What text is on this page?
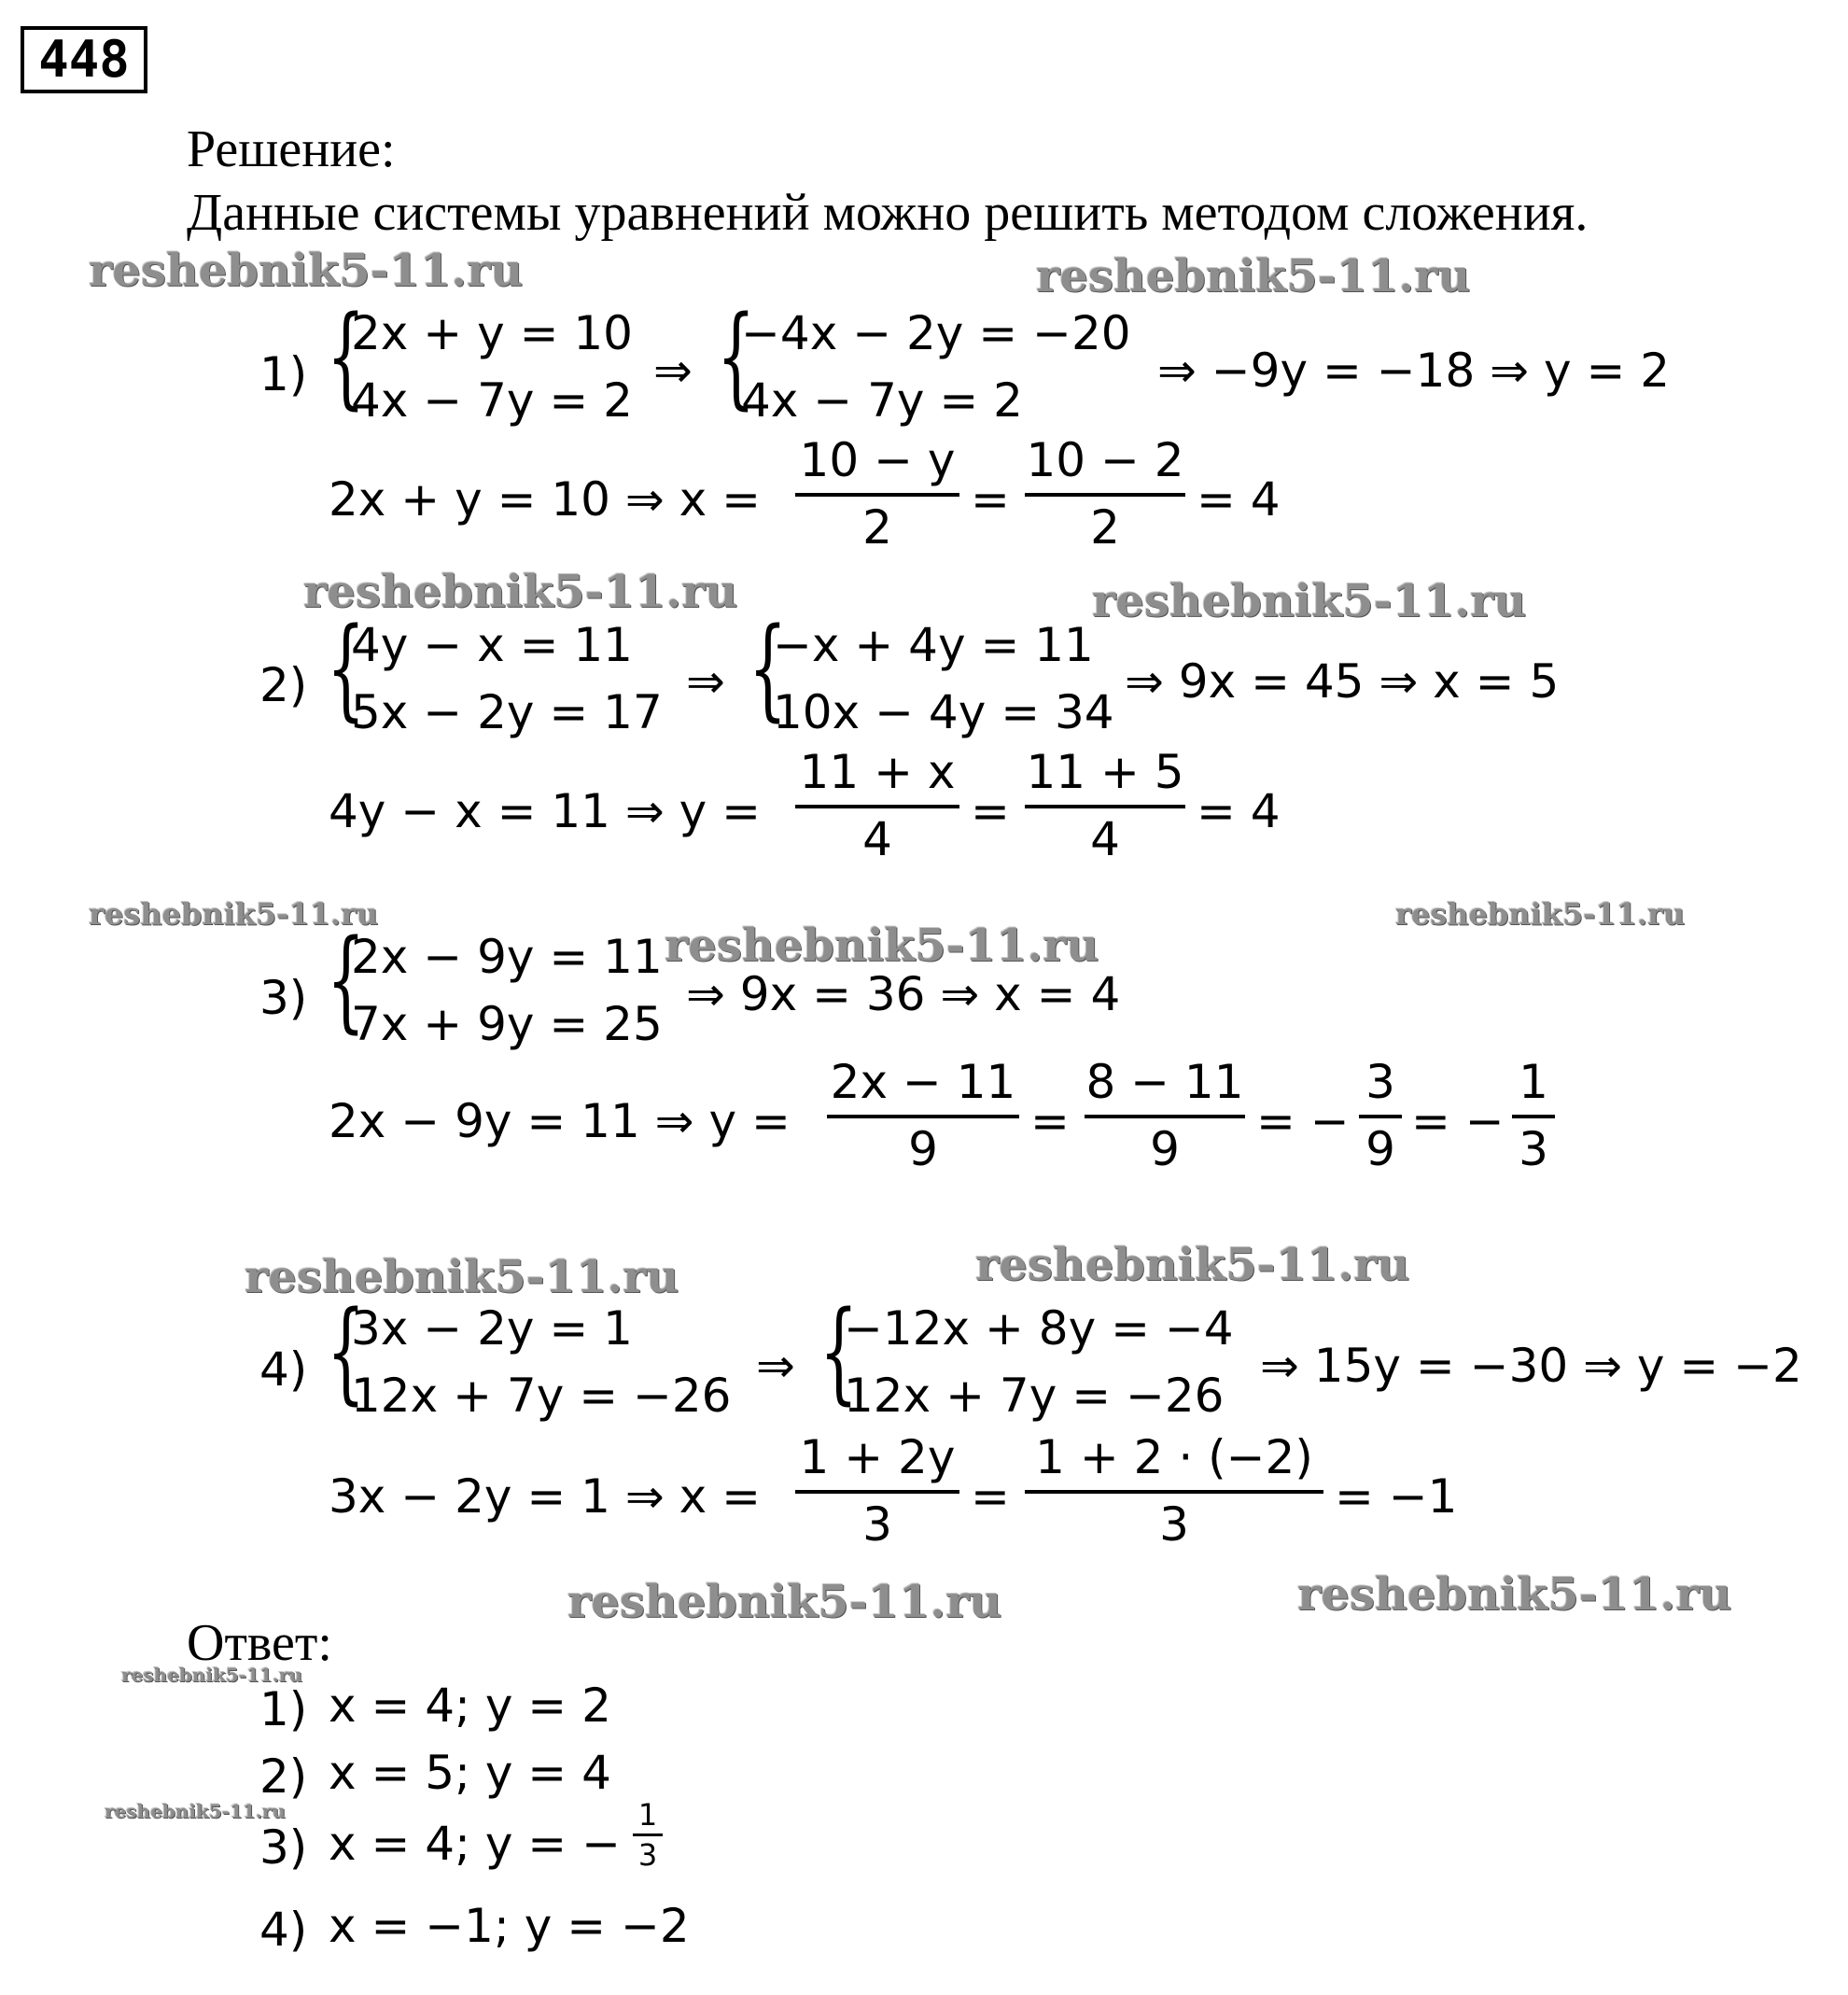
448
Решение:
Данные системы уравнений можно решить методом сложения.
reshebnik5-11.ru	reshebnik5-11.ru
reshebnik5-11.ru	reshebnik5-11.ru
reshebnik5-11.ru	reshebnik5-11.ru
reshebnik5-11.ru	reshebnik5-11.ru
reshebnik5-11.ru	reshebnik5-11.ru
reshebnik5-11.ru
reshebnik5-11.ru
1) {
2x + y = 10
4x − 7y = 2
⇒ {
−4x − 2y = −20
4x − 7y = 2
⇒ −9y = −18 ⇒ y = 2
2x + y = 10 ⇒ x =
10 − y
2
=
10 − 2
2
= 4
2) {
4y − x = 11
5x − 2y = 17
⇒ {
−x + 4y = 11
10x − 4y = 34
⇒ 9x = 45 ⇒ x = 5
4y − x = 11 ⇒ y =
11 + x
4
=
11 + 5
4
= 4
3) {
2x − 9y = 11
7x + 9y = 25
reshebnik5-11.ru
⇒ 9x = 36 ⇒ x = 4
2x − 9y = 11 ⇒ y =
2x − 11
9
=
8 − 11
9
= −
3
9
= −
1
3
4) {
3x − 2y = 1
12x + 7y = −26
⇒ {
−12x + 8y = −4
12x + 7y = −26
⇒ 15y = −30 ⇒ y = −2
3x − 2y = 1 ⇒ x =
1 + 2y
3
=
1 + 2 · (−2)
3
= −1
Ответ:
1) x = 4; y = 2
2) x = 5; y = 4
3) x = 4; y = −
1
3
4) x = −1; y = −2
